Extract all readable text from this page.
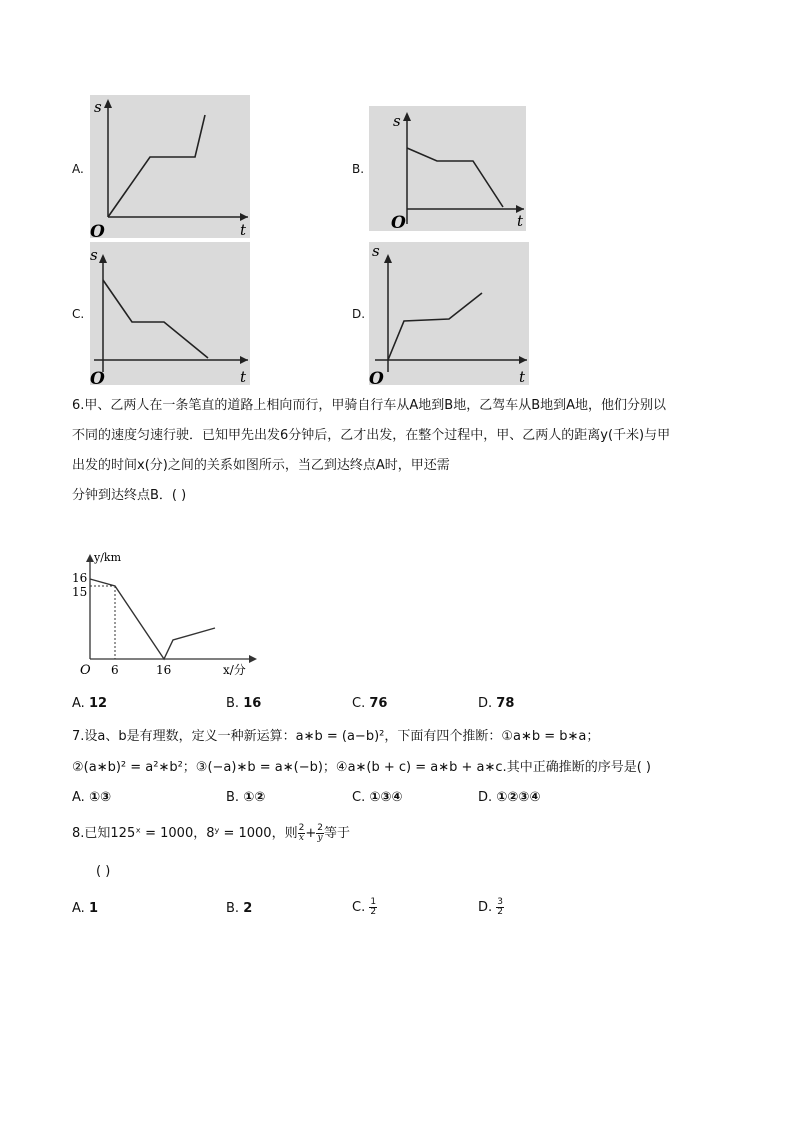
A.
s
t
O
B.
s
t
O
C.
s
t
O
D.
s
t
O
6.甲、乙两人在一条笔直的道路上相向而行，甲骑自行车从A地到B地，乙驾车从B地到A地，他们分别以
不同的速度匀速行驶．已知甲先出发6分钟后，乙才出发，在整个过程中，甲、乙两人的距离y(千米)与甲
出发的时间x(分)之间的关系如图所示，当乙到达终点A时，甲还需
分钟到达终点B．( )
y/km
16
15
O 6	16	x/分
A. 12	B. 16	C. 76	D. 78
7.设a、b是有理数，定义一种新运算：a∗b = (a−b)²，下面有四个推断：①a∗b = b∗a；
②(a∗b)² = a²∗b²；③(−a)∗b = a∗(−b)；④a∗(b + c) = a∗b + a∗c.其中正确推断的序号是( )
A. ①③	B. ①②	C. ①③④	D. ①②③④
8.已知125ˣ = 1000，8ʸ = 1000，则 $\frac{2}{x} + \frac{2}{y}$ 等于
( )
A. 1	B. 2	C. $\frac{1}{2}$	D. $\frac{3}{2}$
